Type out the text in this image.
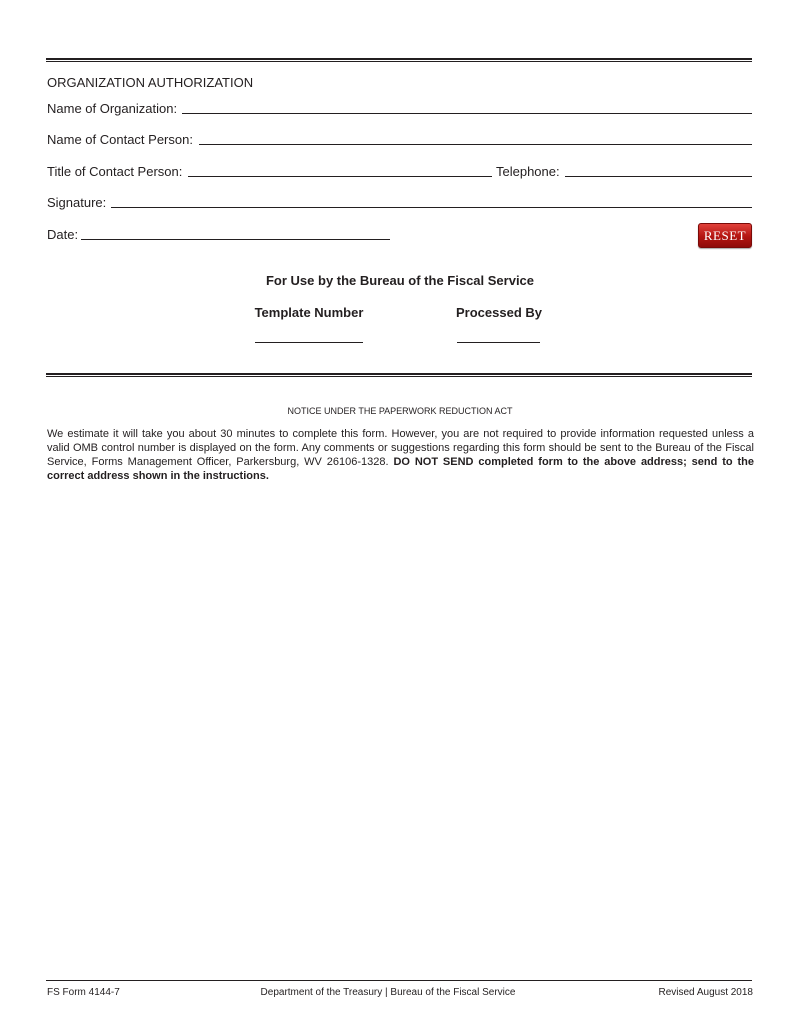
ORGANIZATION AUTHORIZATION
Name of Organization:
Name of Contact Person:
Title of Contact Person:	Telephone:
Signature:
Date:	RESET
For Use by the Bureau of the Fiscal Service
Template Number	Processed By
NOTICE UNDER THE PAPERWORK REDUCTION ACT
We estimate it will take you about 30 minutes to complete this form. However, you are not required to provide information requested unless a valid OMB control number is displayed on the form. Any comments or suggestions regarding this form should be sent to the Bureau of the Fiscal Service, Forms Management Officer, Parkersburg, WV 26106-1328. DO NOT SEND completed form to the above address; send to the correct address shown in the instructions.
FS Form 4144-7	Department of the Treasury | Bureau of the Fiscal Service	Revised August 2018
